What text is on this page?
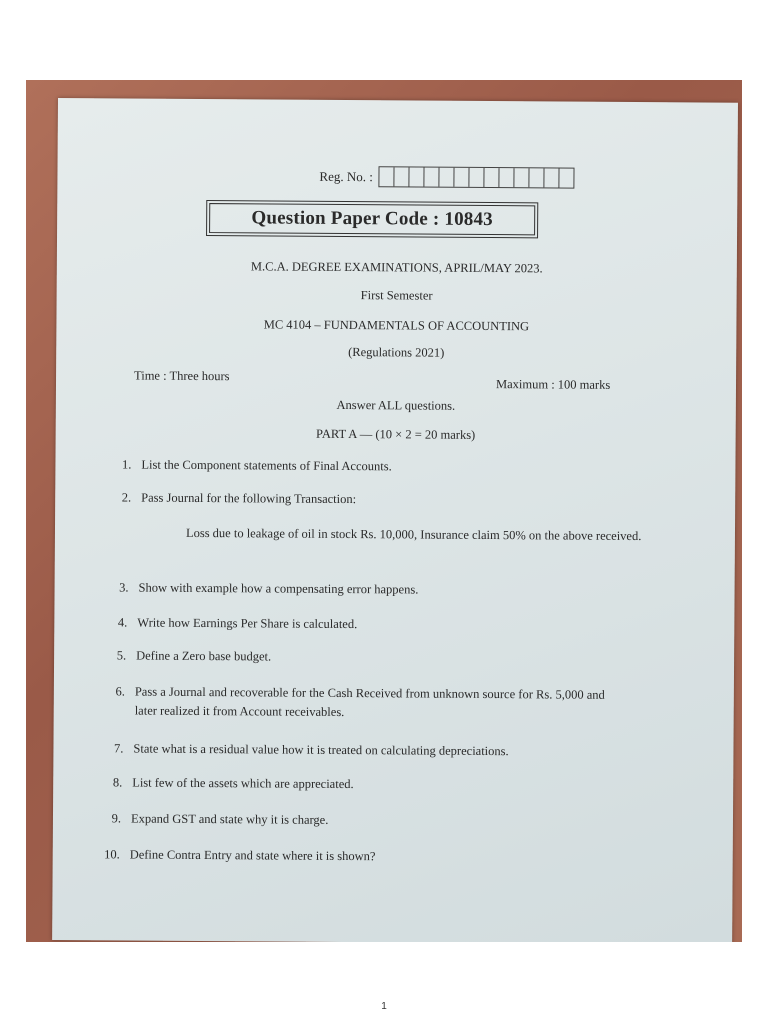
Reg. No. :
Question Paper Code : 10843
M.C.A. DEGREE EXAMINATIONS, APRIL/MAY 2023.
First Semester
MC 4104 – FUNDAMENTALS OF ACCOUNTING
(Regulations 2021)
Time : Three hours
Maximum : 100 marks
Answer ALL questions.
PART A — (10 × 2 = 20 marks)
1. List the Component statements of Final Accounts.
2. Pass Journal for the following Transaction:
Loss due to leakage of oil in stock Rs. 10,000, Insurance claim 50% on the above received.
3. Show with example how a compensating error happens.
4. Write how Earnings Per Share is calculated.
5. Define a Zero base budget.
6. Pass a Journal and recoverable for the Cash Received from unknown source for Rs. 5,000 and later realized it from Account receivables.
7. State what is a residual value how it is treated on calculating depreciations.
8. List few of the assets which are appreciated.
9. Expand GST and state why it is charge.
10. Define Contra Entry and state where it is shown?
1
